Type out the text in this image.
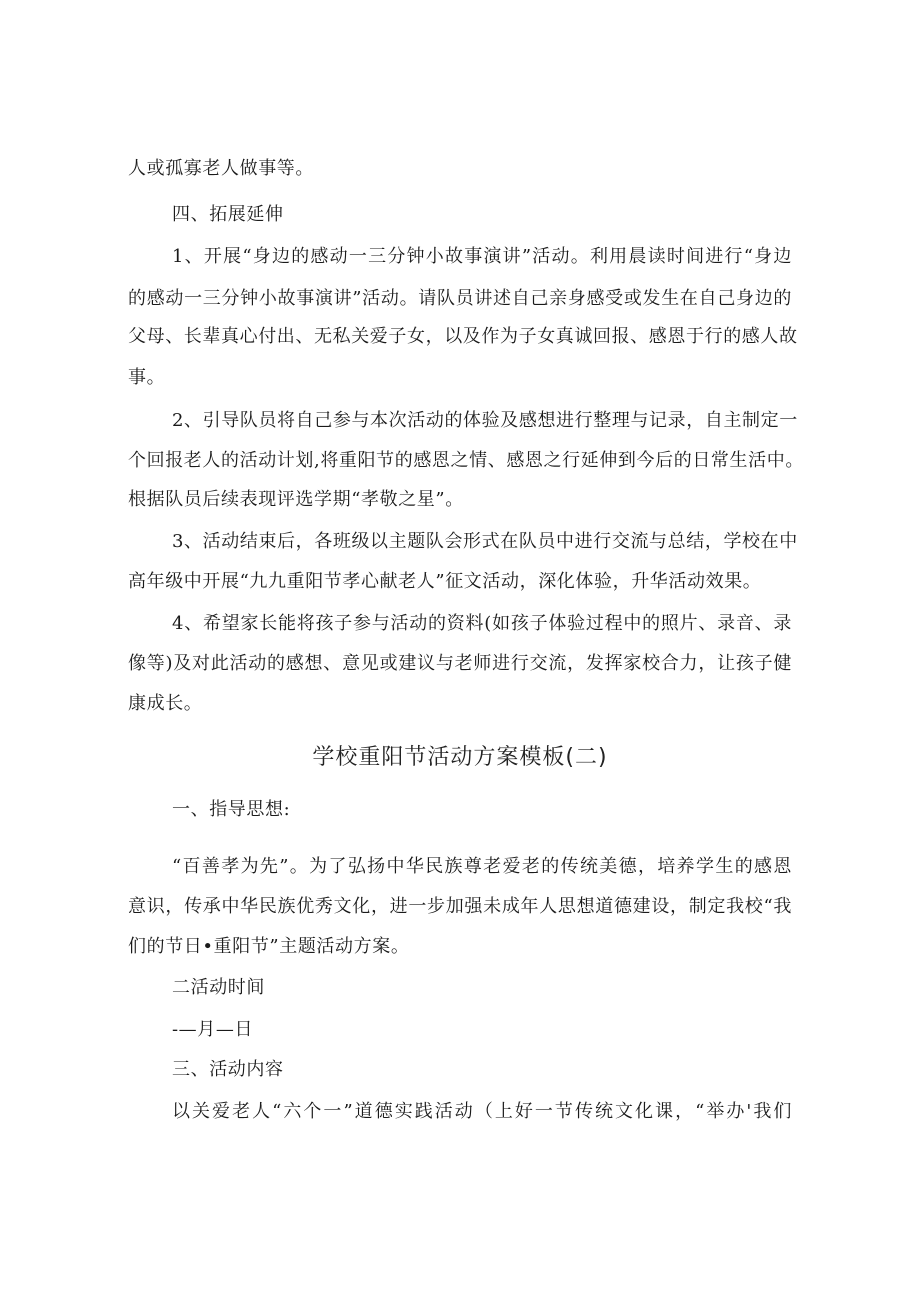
人或孤寡老人做事等。
四、拓展延伸
1、开展“身边的感动一三分钟小故事演讲”活动。利用晨读时间进行“身边
的感动一三分钟小故事演讲”活动。请队员讲述自己亲身感受或发生在自己身边的
父母、长辈真心付出、无私关爱子女，以及作为子女真诚回报、感恩于行的感人故
事。
2、引导队员将自己参与本次活动的体验及感想进行整理与记录，自主制定一
个回报老人的活动计划,将重阳节的感恩之情、感恩之行延伸到今后的日常生活中。
根据队员后续表现评选学期“孝敬之星”。
3、活动结束后，各班级以主题队会形式在队员中进行交流与总结，学校在中
高年级中开展“九九重阳节孝心献老人”征文活动，深化体验，升华活动效果。
4、希望家长能将孩子参与活动的资料(如孩子体验过程中的照片、录音、录
像等)及对此活动的感想、意见或建议与老师进行交流，发挥家校合力，让孩子健
康成长。
学校重阳节活动方案模板(二)
一、指导思想:
“百善孝为先”。为了弘扬中华民族尊老爱老的传统美德，培养学生的感恩
意识，传承中华民族优秀文化，进一步加强未成年人思想道德建设，制定我校“我
们的节日•重阳节”主题活动方案。
二活动时间
-—月—日
三、活动内容
以关爱老人“六个一”道德实践活动（上好一节传统文化课，“举办'我们
